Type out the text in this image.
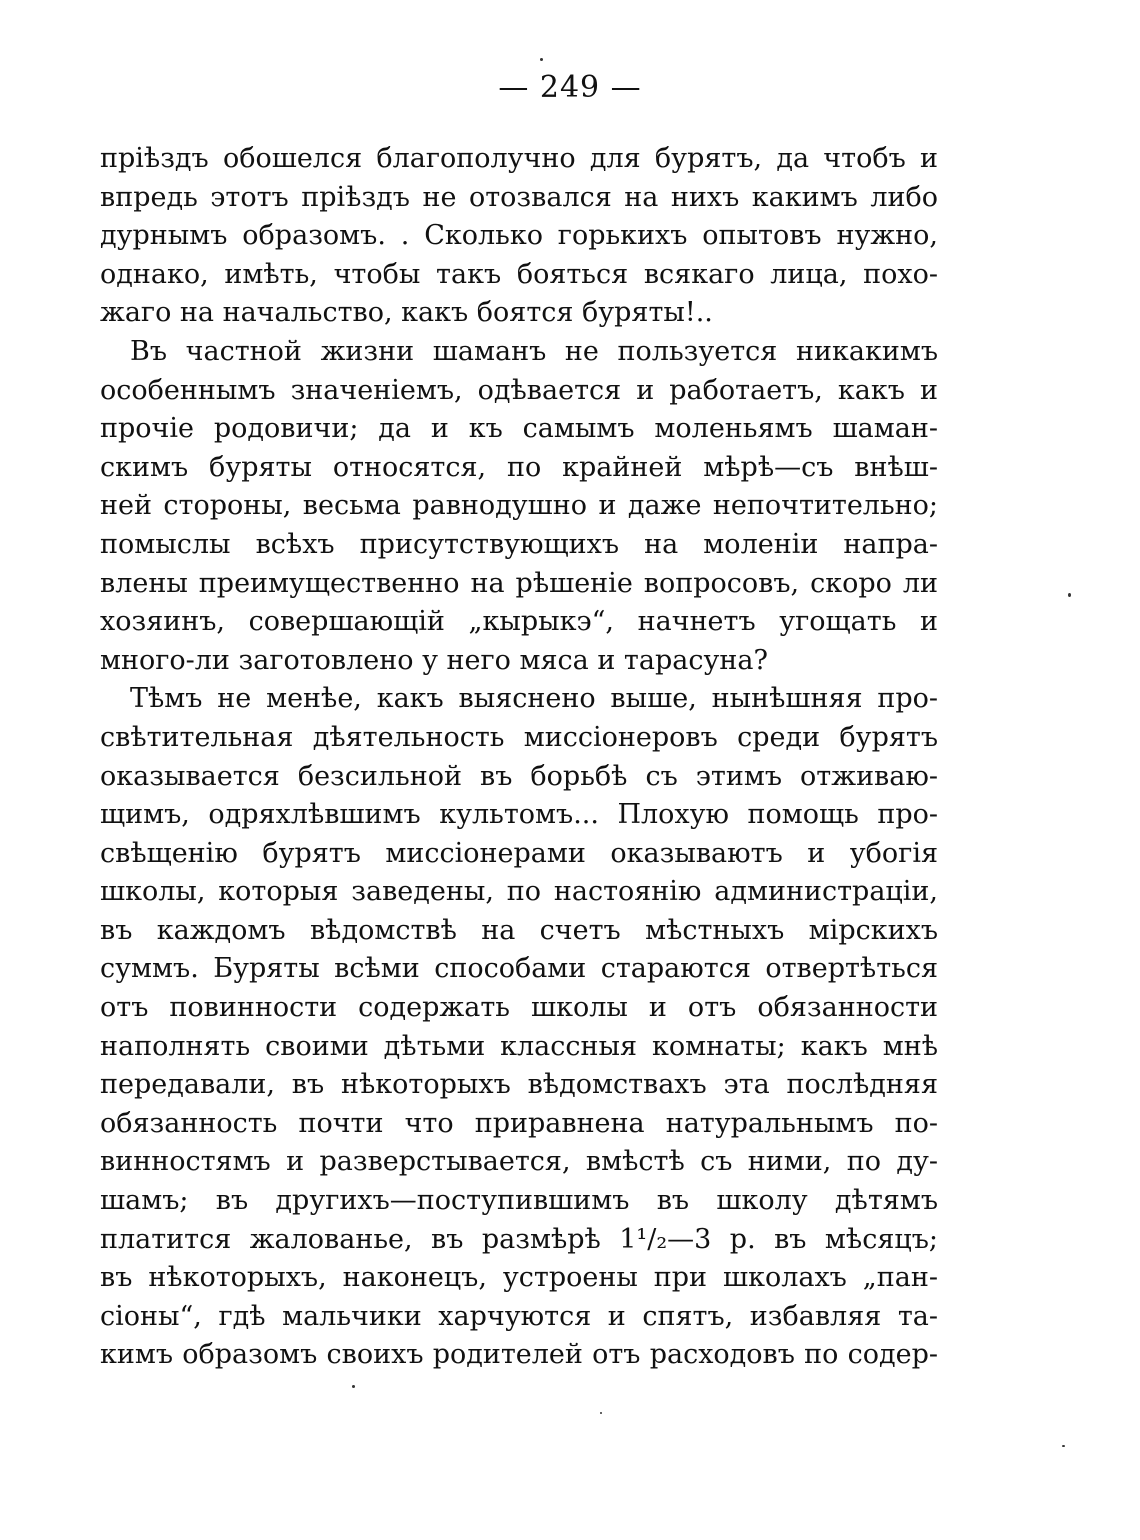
— 249 —
пріѣздъ обошелся благополучно для бурятъ, да чтобъ и
впредь этотъ пріѣздъ не отозвался на нихъ какимъ либо
дурнымъ образомъ. . Сколько горькихъ опытовъ нужно,
однако, имѣть, чтобы такъ бояться всякаго лица, похо-
жаго на начальство, какъ боятся буряты!..
Въ частной жизни шаманъ не пользуется никакимъ
особеннымъ значеніемъ, одѣвается и работаетъ, какъ и
прочіе родовичи; да и къ самымъ моленьямъ шаман-
скимъ буряты относятся, по крайней мѣрѣ—съ внѣш-
ней стороны, весьма равнодушно и даже непочтительно;
помыслы всѣхъ присутствующихъ на моленіи напра-
влены преимущественно на рѣшеніе вопросовъ, скоро ли
хозяинъ, совершающій „кырыкэ“, начнетъ угощать и
много-ли заготовлено у него мяса и тарасуна?
Тѣмъ не менѣе, какъ выяснено выше, нынѣшняя про-
свѣтительная дѣятельность миссіонеровъ среди бурятъ
оказывается безсильной въ борьбѣ съ этимъ отживаю-
щимъ, одряхлѣвшимъ культомъ... Плохую помощь про-
свѣщенію бурятъ миссіонерами оказываютъ и убогія
школы, которыя заведены, по настоянію администраціи,
въ каждомъ вѣдомствѣ на счетъ мѣстныхъ мірскихъ
суммъ. Буряты всѣми способами стараются отвертѣться
отъ повинности содержать школы и отъ обязанности
наполнять своими дѣтьми классныя комнаты; какъ мнѣ
передавали, въ нѣкоторыхъ вѣдомствахъ эта послѣдняя
обязанность почти что приравнена натуральнымъ по-
винностямъ и разверстывается, вмѣстѣ съ ними, по ду-
шамъ; въ другихъ—поступившимъ въ школу дѣтямъ
платится жалованье, въ размѣрѣ 1¹/₂—3 р. въ мѣсяцъ;
въ нѣкоторыхъ, наконецъ, устроены при школахъ „пан-
сіоны“, гдѣ мальчики харчуются и спятъ, избавляя та-
кимъ образомъ своихъ родителей отъ расходовъ по содер-
